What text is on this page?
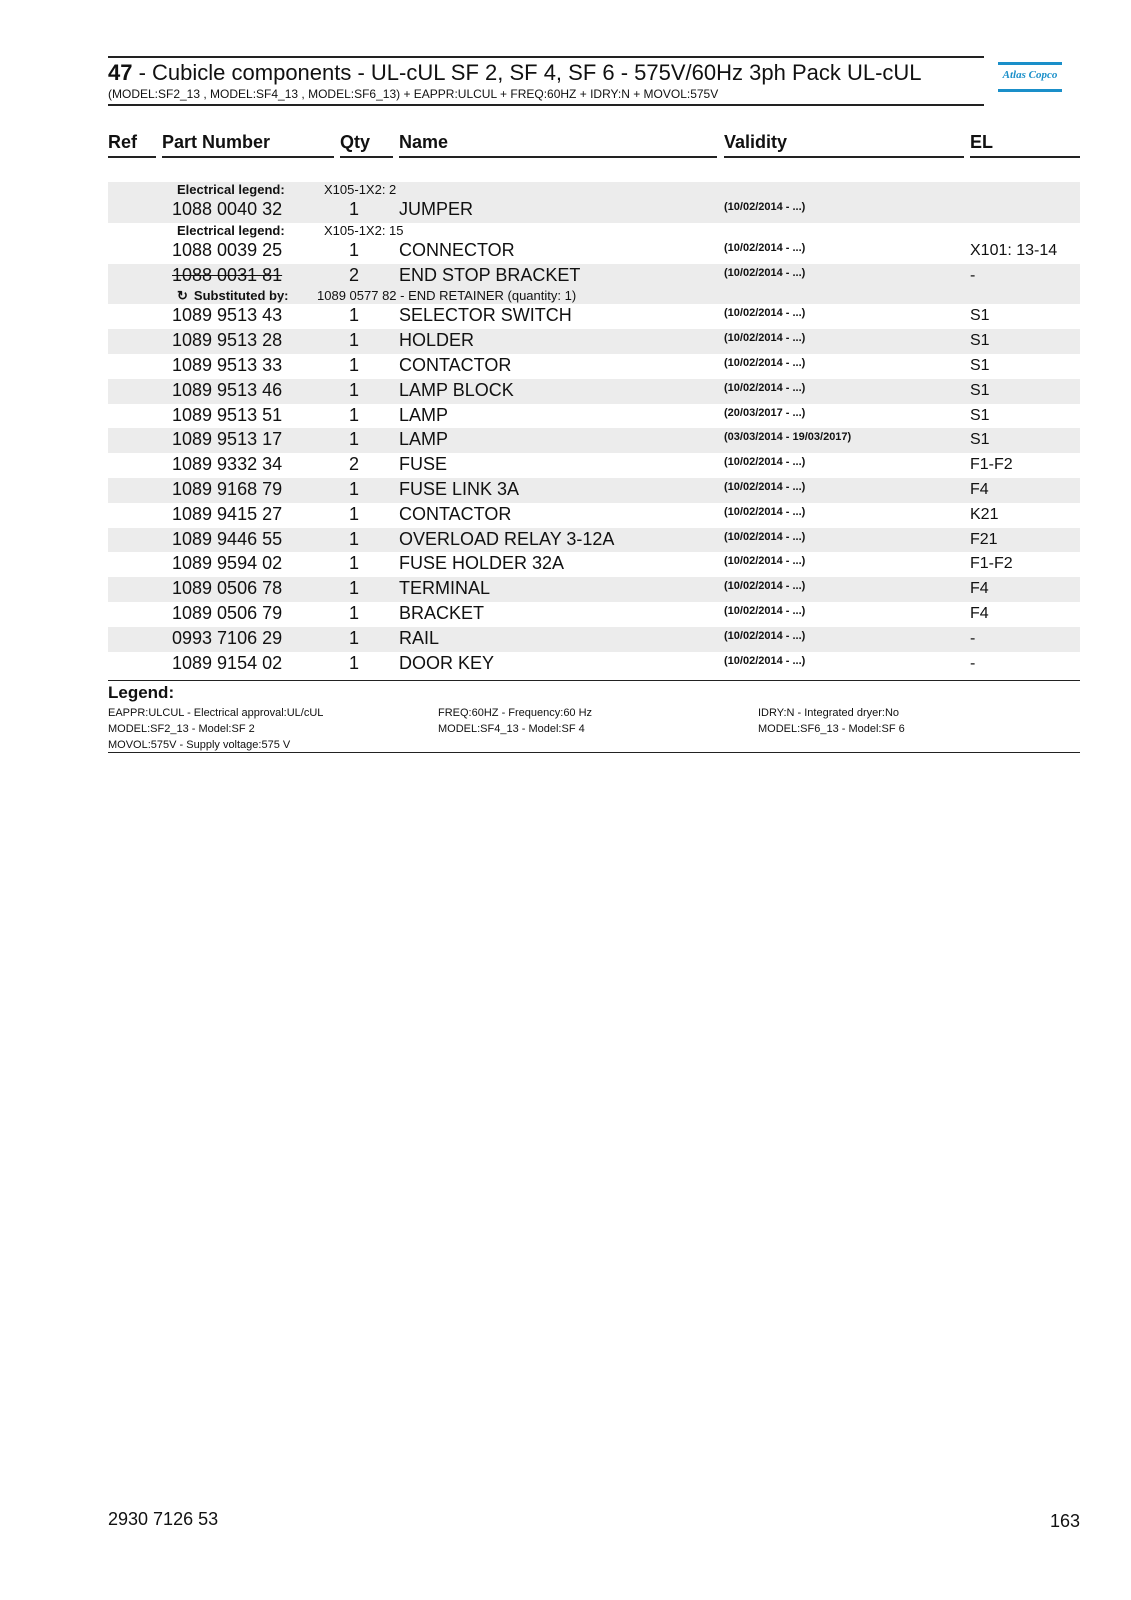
47 - Cubicle components - UL-cUL SF 2, SF 4, SF 6 - 575V/60Hz 3ph Pack UL-cUL
(MODEL:SF2_13 , MODEL:SF4_13 , MODEL:SF6_13) + EAPPR:ULCUL + FREQ:60HZ + IDRY:N + MOVOL:575V
Atlas Copco
Ref	Part Number	Qty	Name	Validity	EL
Electrical legend:	X105-1X2: 2
1088 0040 32	1 JUMPER	(10/02/2014 - ...)
Electrical legend:	X105-1X2: 15
1088 0039 25	1 CONNECTOR	(10/02/2014 - ...)	X101: 13-14
1088 0031 81	2 END STOP BRACKET	(10/02/2014 - ...)	-
↻ Substituted by: 1089 0577 82 - END RETAINER (quantity: 1)
1089 9513 43	1 SELECTOR SWITCH	(10/02/2014 - ...)	S1
1089 9513 28	1 HOLDER	(10/02/2014 - ...)	S1
1089 9513 33	1 CONTACTOR	(10/02/2014 - ...)	S1
1089 9513 46	1 LAMP BLOCK	(10/02/2014 - ...)	S1
1089 9513 51	1 LAMP	(20/03/2017 - ...)	S1
1089 9513 17	1 LAMP	(03/03/2014 - 19/03/2017)	S1
1089 9332 34	2 FUSE	(10/02/2014 - ...)	F1-F2
1089 9168 79	1 FUSE LINK 3A	(10/02/2014 - ...)	F4
1089 9415 27	1 CONTACTOR	(10/02/2014 - ...)	K21
1089 9446 55	1 OVERLOAD RELAY 3-12A	(10/02/2014 - ...)	F21
1089 9594 02	1 FUSE HOLDER 32A	(10/02/2014 - ...)	F1-F2
1089 0506 78	1 TERMINAL	(10/02/2014 - ...)	F4
1089 0506 79	1 BRACKET	(10/02/2014 - ...)	F4
0993 7106 29	1 RAIL	(10/02/2014 - ...)	-
1089 9154 02	1 DOOR KEY	(10/02/2014 - ...)	-
Legend:
EAPPR:ULCUL - Electrical approval:UL/cUL	FREQ:60HZ - Frequency:60 Hz	IDRY:N - Integrated dryer:No
MODEL:SF2_13 - Model:SF 2	MODEL:SF4_13 - Model:SF 4	MODEL:SF6_13 - Model:SF 6
MOVOL:575V - Supply voltage:575 V
2930 7126 53	163
